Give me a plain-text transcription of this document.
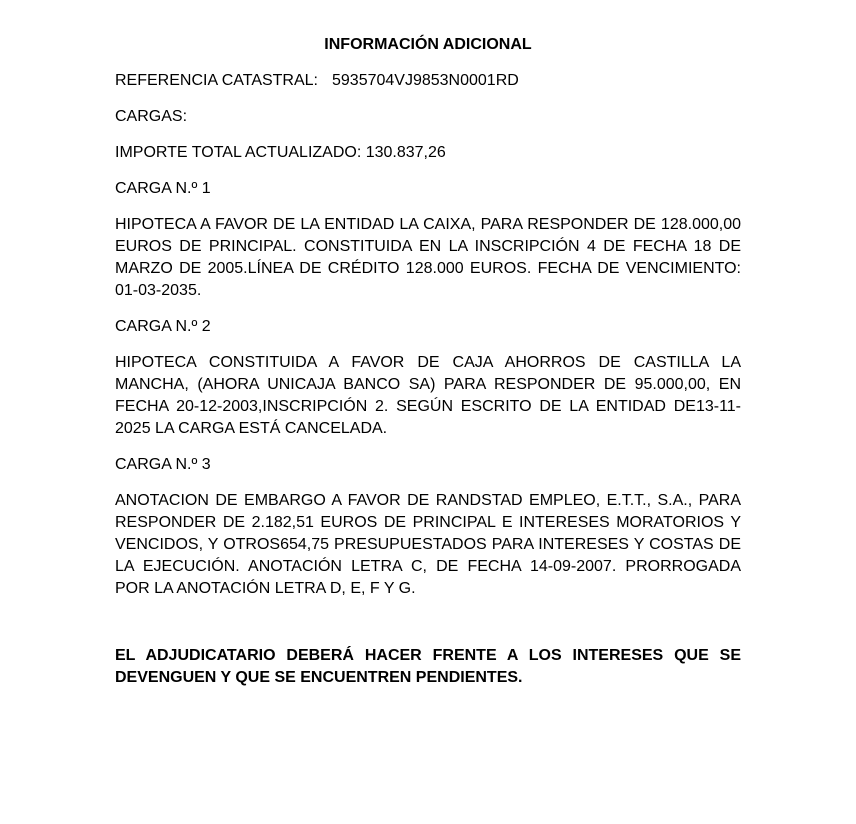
INFORMACIÓN ADICIONAL

REFERENCIA CATASTRAL: 5935704VJ9853N0001RD

CARGAS:

IMPORTE TOTAL ACTUALIZADO: 130.837,26

CARGA N.º 1

HIPOTECA A FAVOR DE LA ENTIDAD LA CAIXA, PARA RESPONDER DE 128.000,00 EUROS DE PRINCIPAL. CONSTITUIDA EN LA INSCRIPCIÓN 4 DE FECHA 18 DE MARZO DE 2005.LÍNEA DE CRÉDITO 128.000 EUROS. FECHA DE VENCIMIENTO: 01-03-2035.

CARGA N.º 2

HIPOTECA CONSTITUIDA A FAVOR DE CAJA AHORROS DE CASTILLA LA MANCHA, (AHORA UNICAJA BANCO SA) PARA RESPONDER DE 95.000,00, EN FECHA 20-12-2003,INSCRIPCIÓN 2. SEGÚN ESCRITO DE LA ENTIDAD DE13-11-2025 LA CARGA ESTÁ CANCELADA.

CARGA N.º 3

ANOTACION DE EMBARGO A FAVOR DE RANDSTAD EMPLEO, E.T.T., S.A., PARA RESPONDER DE 2.182,51 EUROS DE PRINCIPAL E INTERESES MORATORIOS Y VENCIDOS, Y OTROS654,75 PRESUPUESTADOS PARA INTERESES Y COSTAS DE LA EJECUCIÓN. ANOTACIÓN LETRA C, DE FECHA 14-09-2007. PRORROGADA POR LA ANOTACIÓN LETRA D, E, F Y G.

EL ADJUDICATARIO DEBERÁ HACER FRENTE A LOS INTERESES QUE SE DEVENGUEN Y QUE SE ENCUENTREN PENDIENTES.
